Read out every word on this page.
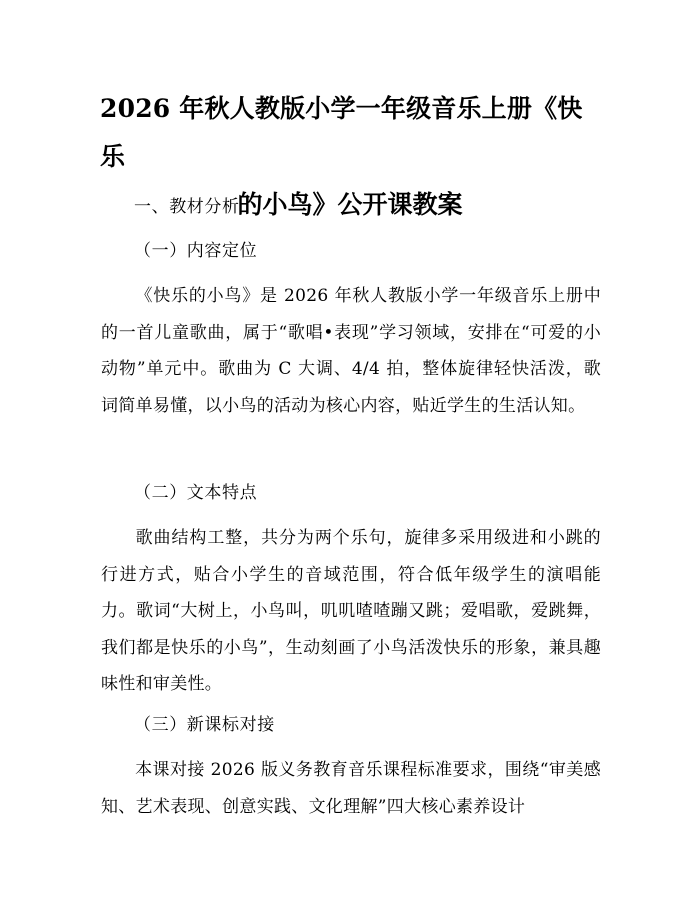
2026 年秋人教版小学一年级音乐上册《快乐
的小鸟》公开课教案

一、教材分析

（一）内容定位

《快乐的小鸟》是 2026 年秋人教版小学一年级音乐上册中的一首儿童歌曲，属于“歌唱•表现”学习领域，安排在“可爱的小动物”单元中。歌曲为 C 大调、4/4 拍，整体旋律轻快活泼，歌词简单易懂，以小鸟的活动为核心内容，贴近学生的生活认知。

（二）文本特点

歌曲结构工整，共分为两个乐句，旋律多采用级进和小跳的行进方式，贴合小学生的音域范围，符合低年级学生的演唱能力。歌词“大树上，小鸟叫，叽叽喳喳蹦又跳；爱唱歌，爱跳舞，我们都是快乐的小鸟”，生动刻画了小鸟活泼快乐的形象，兼具趣味性和审美性。

（三）新课标对接

本课对接 2026 版义务教育音乐课程标准要求，围绕“审美感知、艺术表现、创意实践、文化理解”四大核心素养设计
